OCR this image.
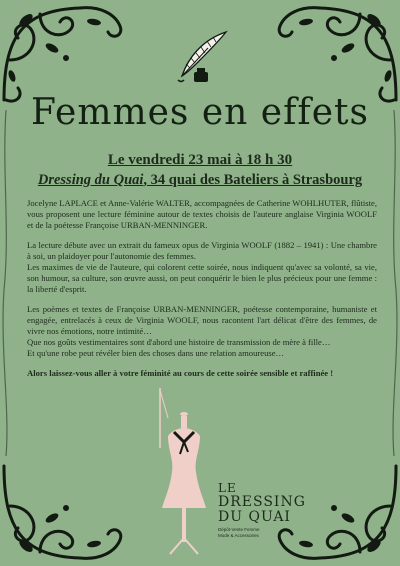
Femmes en effets
Le vendredi 23 mai à 18 h 30
Dressing du Quai, 34 quai des Bateliers à Strasbourg

Jocelyne LAPLACE et Anne-Valérie WALTER, accompagnées de Catherine WOHLHUTER, flûtiste, vous proposent une lecture féminine autour de textes choisis de l'auteure anglaise Virginia WOOLF et de la poétesse Françoise URBAN-MENNINGER.

La lecture débute avec un extrait du fameux opus de Virginia WOOLF (1882 – 1941) : Une chambre à soi, un plaidoyer pour l'autonomie des femmes.

Les maximes de vie de l'auteure, qui colorent cette soirée, nous indiquent qu'avec sa volonté, sa vie, son humour, sa culture, son œuvre aussi, on peut conquérir le bien le plus précieux pour une femme : la liberté d'esprit.

Les poèmes et textes de Françoise URBAN-MENNINGER, poétesse contemporaine, humaniste et engagée, entrelacés à ceux de Virginia WOOLF, nous racontent l'art délicat d'être des femmes, de vivre nos émotions, notre intimité…

Que nos goûts vestimentaires sont d'abord une histoire de transmission de mère à fille…

Et qu'une robe peut révéler bien des choses dans une relation amoureuse…

Alors laissez-vous aller à votre féminité au cours de cette soirée sensible et raffinée !

LE
DRESSING
DU QUAI
Dépôt-Vente Femme
Mode & Accessoires
